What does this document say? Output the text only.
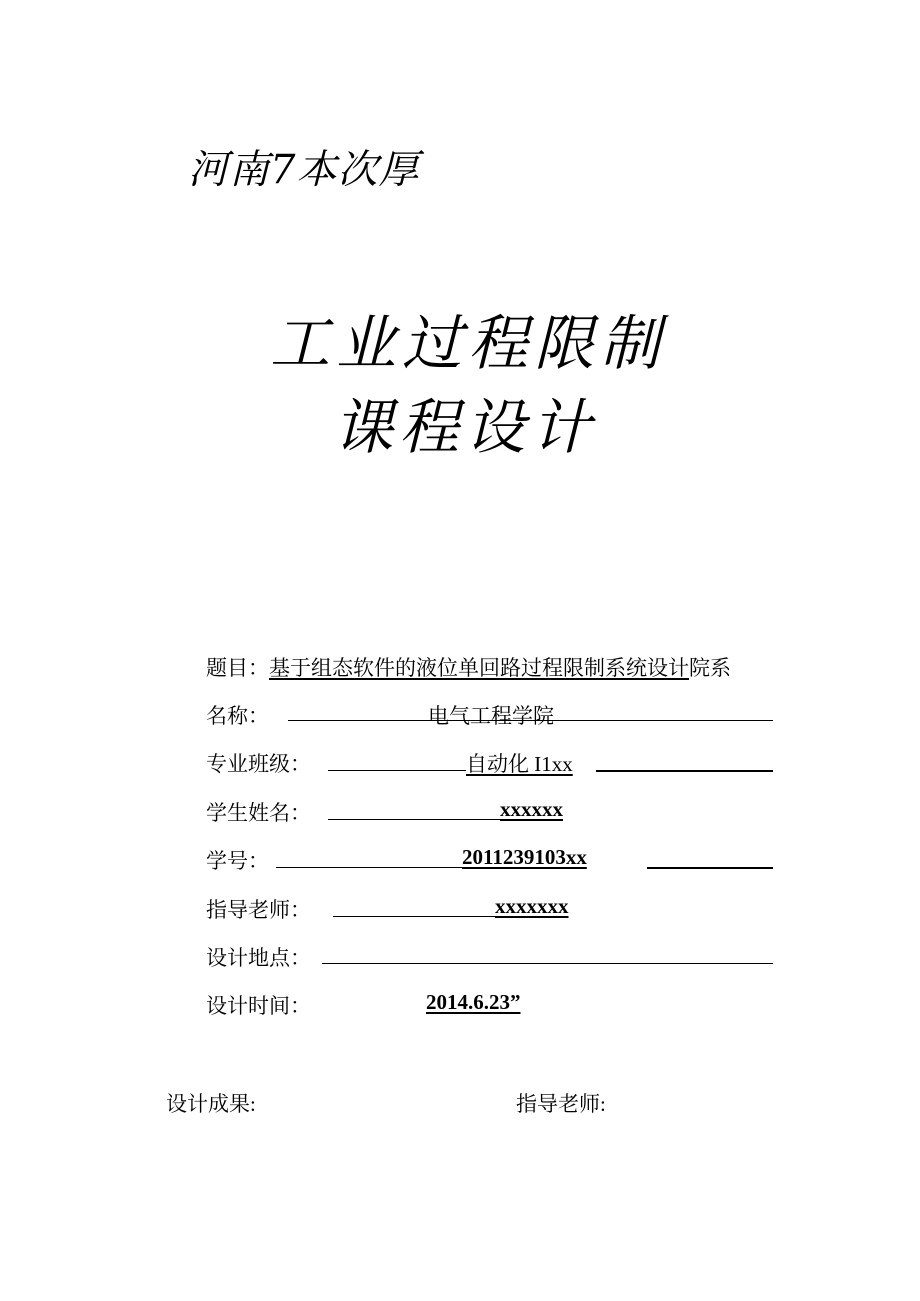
河南7本次厚
工业过程限制
课程设计
题目：基于组态软件的液位单回路过程限制系统设计院系
名称：	电气工程学院
专业班级：	自动化 I1xx
学生姓名：	xxxxxx
学号：	2011239103xx
指导老师：	xxxxxxx
设计地点：
设计时间：	2014.6.23”
设计成果:	指导老师:
